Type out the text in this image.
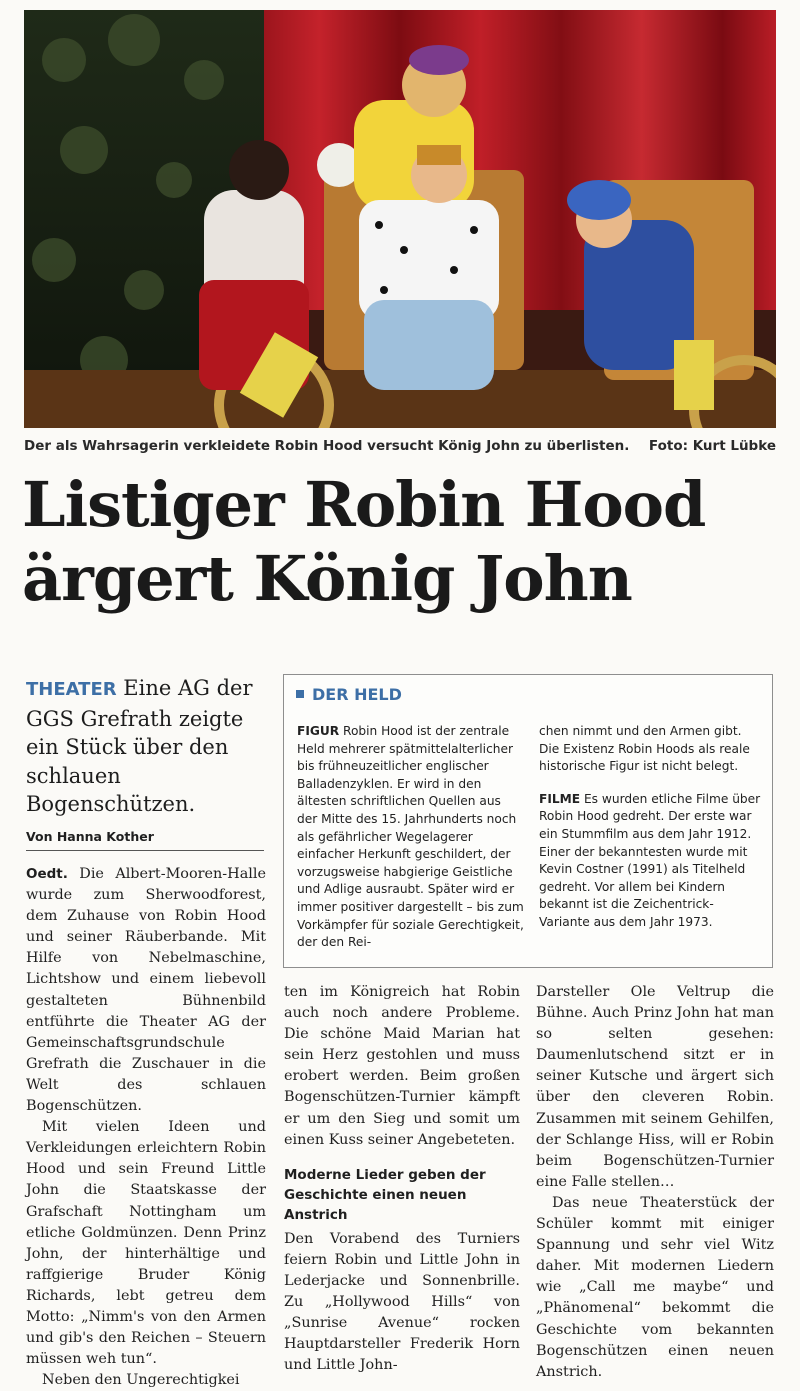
Der als Wahrsagerin verkleidete Robin Hood versucht König John zu überlisten. Foto: Kurt Lübke
Listiger Robin Hood
ärgert König John
THEATER Eine AG der GGS Grefrath zeigte ein Stück über den schlauen Bogenschützen.
Von Hanna Kother
DER HELD

FIGUR Robin Hood ist der zentrale Held mehrerer spätmittelalterlicher bis frühneuzeitlicher englischer Balladenzyklen. Er wird in den ältesten schriftlichen Quellen aus der Mitte des 15. Jahrhunderts noch als gefährlicher Wegelagerer einfacher Herkunft geschildert, der vorzugsweise habgierige Geistliche und Adlige ausraubt. Später wird er immer positiver dargestellt – bis zum Vorkämpfer für soziale Gerechtigkeit, der den Rei-

chen nimmt und den Armen gibt. Die Existenz Robin Hoods als reale historische Figur ist nicht belegt.

FILME Es wurden etliche Filme über Robin Hood gedreht. Der erste war ein Stummfilm aus dem Jahr 1912. Einer der bekanntesten wurde mit Kevin Costner (1991) als Titelheld gedreht. Vor allem bei Kindern bekannt ist die Zeichentrick-Variante aus dem Jahr 1973.

Oedt. Die Albert-Mooren-Halle wurde zum Sherwoodforest, dem Zuhause von Robin Hood und seiner Räuberbande. Mit Hilfe von Nebelmaschine, Lichtshow und einem liebevoll gestalteten Bühnenbild entführte die Theater AG der Gemeinschaftsgrundschule Grefrath die Zuschauer in die Welt des schlauen Bogenschützen.

Mit vielen Ideen und Verkleidungen erleichtern Robin Hood und sein Freund Little John die Staatskasse der Grafschaft Nottingham um etliche Goldmünzen. Denn Prinz John, der hinterhältige und raffgierige Bruder König Richards, lebt getreu dem Motto: „Nimm's von den Armen und gib's den Reichen – Steuern müssen weh tun“.

Neben den Ungerechtigkei

ten im Königreich hat Robin auch noch andere Probleme. Die schöne Maid Marian hat sein Herz gestohlen und muss erobert werden. Beim großen Bogenschützen-Turnier kämpft er um den Sieg und somit um einen Kuss seiner Angebeteten.

Moderne Lieder geben der Geschichte einen neuen Anstrich

Den Vorabend des Turniers feiern Robin und Little John in Lederjacke und Sonnenbrille. Zu „Hollywood Hills“ von „Sunrise Avenue“ rocken Hauptdarsteller Frederik Horn und Little John-

Darsteller Ole Veltrup die Bühne. Auch Prinz John hat man so selten gesehen: Daumenlutschend sitzt er in seiner Kutsche und ärgert sich über den cleveren Robin. Zusammen mit seinem Gehilfen, der Schlange Hiss, will er Robin beim Bogenschützen-Turnier eine Falle stellen…

Das neue Theaterstück der Schüler kommt mit einiger Spannung und sehr viel Witz daher. Mit modernen Liedern wie „Call me maybe“ und „Phänomenal“ bekommt die Geschichte vom bekannten Bogenschützen einen neuen Anstrich.
